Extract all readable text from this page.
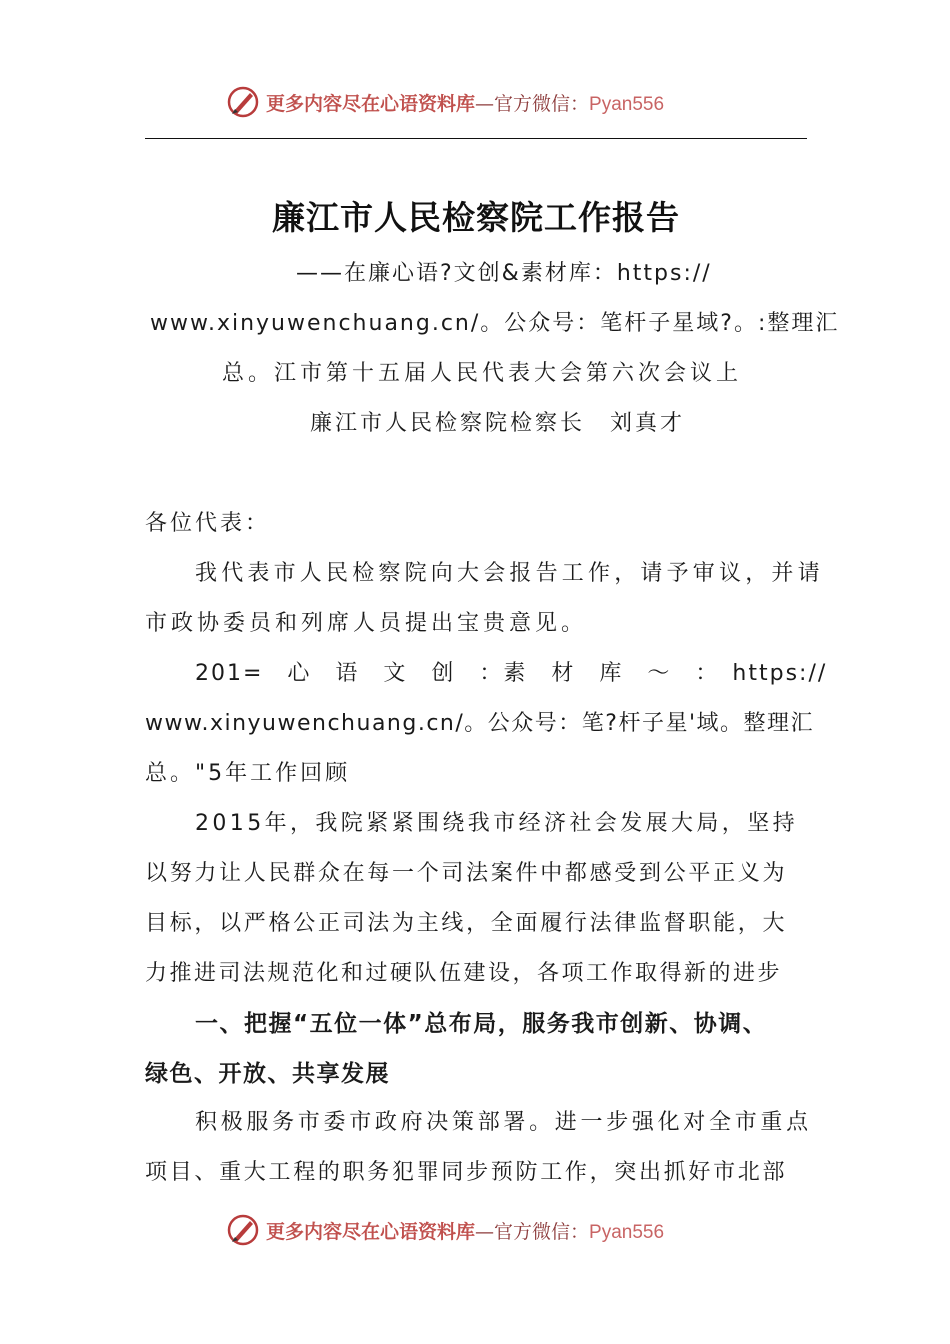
更多内容尽在心语资料库—官方微信：Pyan556
廉江市人民检察院工作报告
——在廉心语?文创&素材库：https://
www.xinyuwenchuang.cn/。公众号：笔杆子星域?。:整理汇
总。江市第十五届人民代表大会第六次会议上
廉江市人民检察院检察长　刘真才
各位代表：
我代表市人民检察院向大会报告工作，请予审议，并请
市政协委员和列席人员提出宝贵意见。
201=　心　语　文　创　：素　材　库　～　：　https://
www.xinyuwenchuang.cn/。公众号：笔?杆子星'域。整理汇
总。"5年工作回顾
2015年，我院紧紧围绕我市经济社会发展大局，坚持
以努力让人民群众在每一个司法案件中都感受到公平正义为
目标，以严格公正司法为主线，全面履行法律监督职能，大
力推进司法规范化和过硬队伍建设，各项工作取得新的进步
一、把握“五位一体”总布局，服务我市创新、协调、
绿色、开放、共享发展
积极服务市委市政府决策部署。进一步强化对全市重点
项目、重大工程的职务犯罪同步预防工作，突出抓好市北部
更多内容尽在心语资料库—官方微信：Pyan556
